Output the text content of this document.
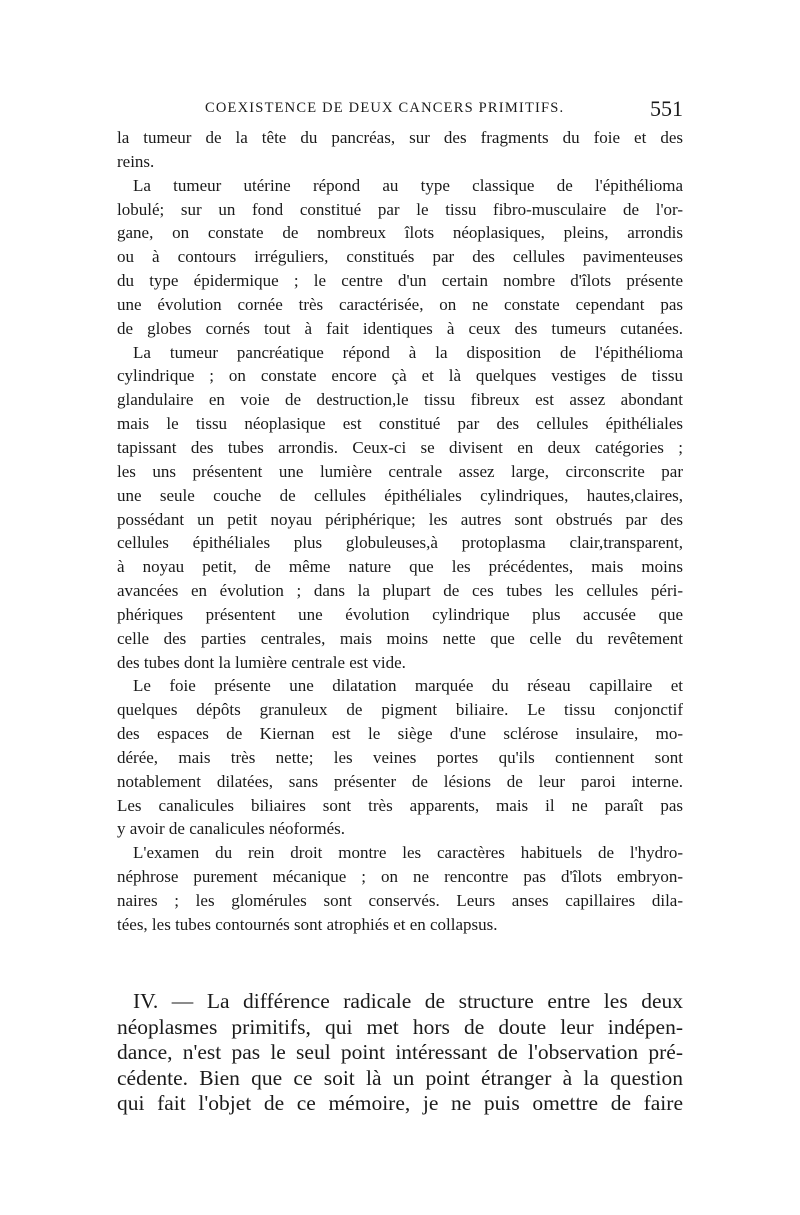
COEXISTENCE DE DEUX CANCERS PRIMITIFS.	551
la tumeur de la tête du pancréas, sur des fragments du foie et des
reins.
La tumeur utérine répond au type classique de l'épithélioma
lobulé; sur un fond constitué par le tissu fibro-musculaire de l'or-
gane, on constate de nombreux îlots néoplasiques, pleins, arrondis
ou à contours irréguliers, constitués par des cellules pavimenteuses
du type épidermique ; le centre d'un certain nombre d'îlots présente
une évolution cornée très caractérisée, on ne constate cependant pas
de globes cornés tout à fait identiques à ceux des tumeurs cutanées.
La tumeur pancréatique répond à la disposition de l'épithélioma
cylindrique ; on constate encore çà et là quelques vestiges de tissu
glandulaire en voie de destruction,le tissu fibreux est assez abondant
mais le tissu néoplasique est constitué par des cellules épithéliales
tapissant des tubes arrondis. Ceux-ci se divisent en deux catégories ;
les uns présentent une lumière centrale assez large, circonscrite par
une seule couche de cellules épithéliales cylindriques, hautes,claires,
possédant un petit noyau périphérique; les autres sont obstrués par des
cellules épithéliales plus globuleuses,à protoplasma clair,transparent,
à noyau petit, de même nature que les précédentes, mais moins
avancées en évolution ; dans la plupart de ces tubes les cellules péri-
phériques présentent une évolution cylindrique plus accusée que
celle des parties centrales, mais moins nette que celle du revêtement
des tubes dont la lumière centrale est vide.
Le foie présente une dilatation marquée du réseau capillaire et
quelques dépôts granuleux de pigment biliaire. Le tissu conjonctif
des espaces de Kiernan est le siège d'une sclérose insulaire, mo-
dérée, mais très nette; les veines portes qu'ils contiennent sont
notablement dilatées, sans présenter de lésions de leur paroi interne.
Les canalicules biliaires sont très apparents, mais il ne paraît pas
y avoir de canalicules néoformés.
L'examen du rein droit montre les caractères habituels de l'hydro-
néphrose purement mécanique ; on ne rencontre pas d'îlots embryon-
naires ; les glomérules sont conservés. Leurs anses capillaires dila-
tées, les tubes contournés sont atrophiés et en collapsus.
IV. — La différence radicale de structure entre les deux
néoplasmes primitifs, qui met hors de doute leur indépen-
dance, n'est pas le seul point intéressant de l'observation pré-
cédente. Bien que ce soit là un point étranger à la question
qui fait l'objet de ce mémoire, je ne puis omettre de faire
